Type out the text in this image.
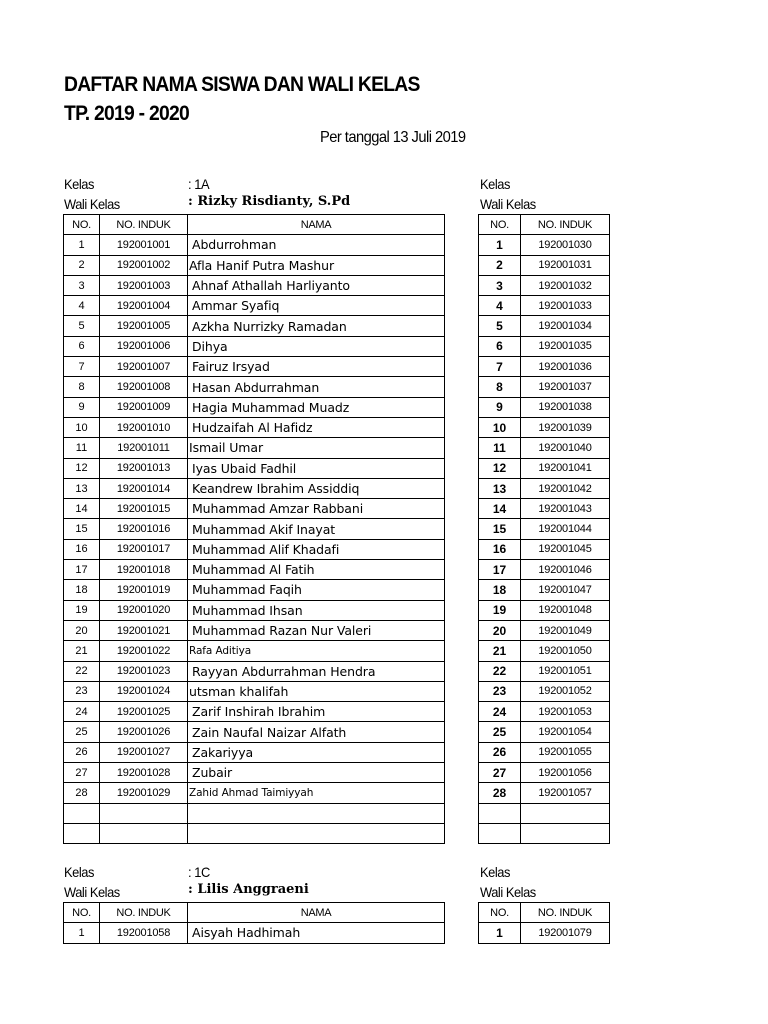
DAFTAR NAMA SISWA DAN WALI KELAS
TP. 2019 - 2020
Per tanggal 13 Juli 2019
Kelas	: 1A
Wali Kelas	: Rizky Risdianty, S.Pd
Kelas
Wali Kelas
NO.	NO. INDUK	NAMA
1	192001001	Abdurrohman
2	192001002	Afla Hanif Putra Mashur
3	192001003	Ahnaf Athallah Harliyanto
4	192001004	Ammar Syafiq
5	192001005	Azkha Nurrizky Ramadan
6	192001006	Dihya
7	192001007	Fairuz Irsyad
8	192001008	Hasan Abdurrahman
9	192001009	Hagia Muhammad Muadz
10	192001010	Hudzaifah Al Hafidz
11	192001011	Ismail Umar
12	192001013	Iyas Ubaid Fadhil
13	192001014	Keandrew Ibrahim Assiddiq
14	192001015	Muhammad Amzar Rabbani
15	192001016	Muhammad Akif Inayat
16	192001017	Muhammad Alif Khadafi
17	192001018	Muhammad Al Fatih
18	192001019	Muhammad Faqih
19	192001020	Muhammad Ihsan
20	192001021	Muhammad Razan Nur Valeri
21	192001022	Rafa Aditiya
22	192001023	Rayyan Abdurrahman Hendra
23	192001024	utsman khalifah
24	192001025	Zarif Inshirah Ibrahim
25	192001026	Zain Naufal Naizar Alfath
26	192001027	Zakariyya
27	192001028	Zubair
28	192001029	Zahid Ahmad Taimiyyah

NO.	NO. INDUK
1	192001030
2	192001031
3	192001032
4	192001033
5	192001034
6	192001035
7	192001036
8	192001037
9	192001038
10	192001039
11	192001040
12	192001041
13	192001042
14	192001043
15	192001044
16	192001045
17	192001046
18	192001047
19	192001048
20	192001049
21	192001050
22	192001051
23	192001052
24	192001053
25	192001054
26	192001055
27	192001056
28	192001057

Kelas	: 1C
Wali Kelas	: Lilis Anggraeni
Kelas
Wali Kelas
NO.	NO. INDUK	NAMA
1	192001058	Aisyah Hadhimah
NO.	NO. INDUK
1	192001079
